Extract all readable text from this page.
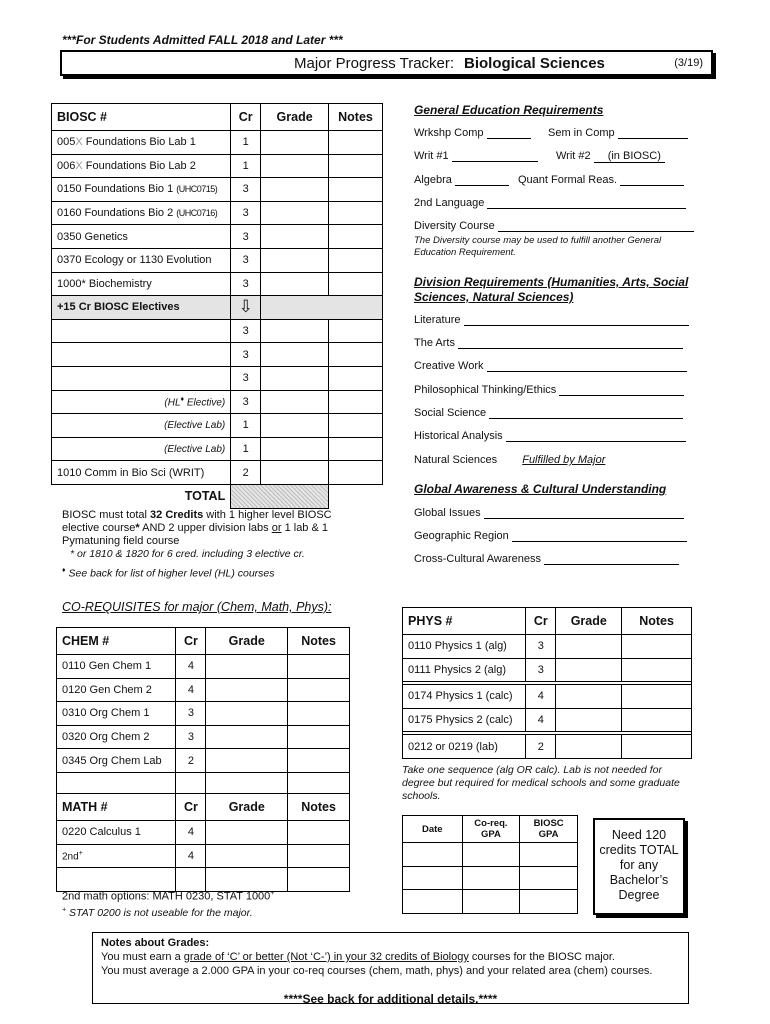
***For Students Admitted FALL 2018 and Later ***
Major Progress Tracker: Biological Sciences	(3/19)
BIOSC #	Cr	Grade	Notes
005X Foundations Bio Lab 1	1		
006X Foundations Bio Lab 2	1		
0150 Foundations Bio 1 (UHC0715)	3		
0160 Foundations Bio 2 (UHC0716)	3		
0350 Genetics	3		
0370 Ecology or 1130 Evolution	3		
1000* Biochemistry	3		
+15 Cr BIOSC Electives	⇩		
	3		
	3		
	3		
(HL♦ Elective)	3		
(Elective Lab)	1		
(Elective Lab)	1		
1010 Comm in Bio Sci (WRIT)	2		
TOTAL			
BIOSC must total 32 Credits with 1 higher level BIOSC
elective course* AND 2 upper division labs or 1 lab & 1
Pymatuning field course
* or 1810 & 1820 for 6 cred. including 3 elective cr.
♦ See back for list of higher level (HL) courses
General Education Requirements
Wrkshp Comp	Sem in Comp
Writ #1	Writ #2 (in BIOSC)
Algebra	Quant Formal Reas.
2nd Language
Diversity Course
The Diversity course may be used to fulfill another General Education Requirement.
Division Requirements (Humanities, Arts, Social Sciences, Natural Sciences)
Literature
The Arts
Creative Work
Philosophical Thinking/Ethics
Social Science
Historical Analysis
Natural Sciences Fulfilled by Major
Global Awareness & Cultural Understanding
Global Issues
Geographic Region
Cross-Cultural Awareness
CO-REQUISITES for major (Chem, Math, Phys):
CHEM #	Cr	Grade	Notes
0110 Gen Chem 1	4		
0120 Gen Chem 2	4		
0310 Org Chem 1	3		
0320 Org Chem 2	3		
0345 Org Chem Lab	2		

MATH #	Cr	Grade	Notes
0220 Calculus 1	4		
2nd+	4		

2nd math options: MATH 0230, STAT 1000+
+ STAT 0200 is not useable for the major.
PHYS #	Cr	Grade	Notes
0110 Physics 1 (alg)	3		
0111 Physics 2 (alg)	3		

0174 Physics 1 (calc)	4		
0175 Physics 2 (calc)	4		

0212 or 0219 (lab)	2		
Take one sequence (alg OR calc). Lab is not needed for degree but required for medical schools and some graduate schools.
Date	Co-req. GPA	BIOSC GPA

			Need 120
credits TOTAL
for any
Bachelor’s
Degree
Notes about Grades:
You must earn a grade of ‘C’ or better (Not ‘C-’) in your 32 credits of Biology courses for the BIOSC major.
You must average a 2.000 GPA in your co-req courses (chem, math, phys) and your related area (chem) courses.
****See back for additional details.****
